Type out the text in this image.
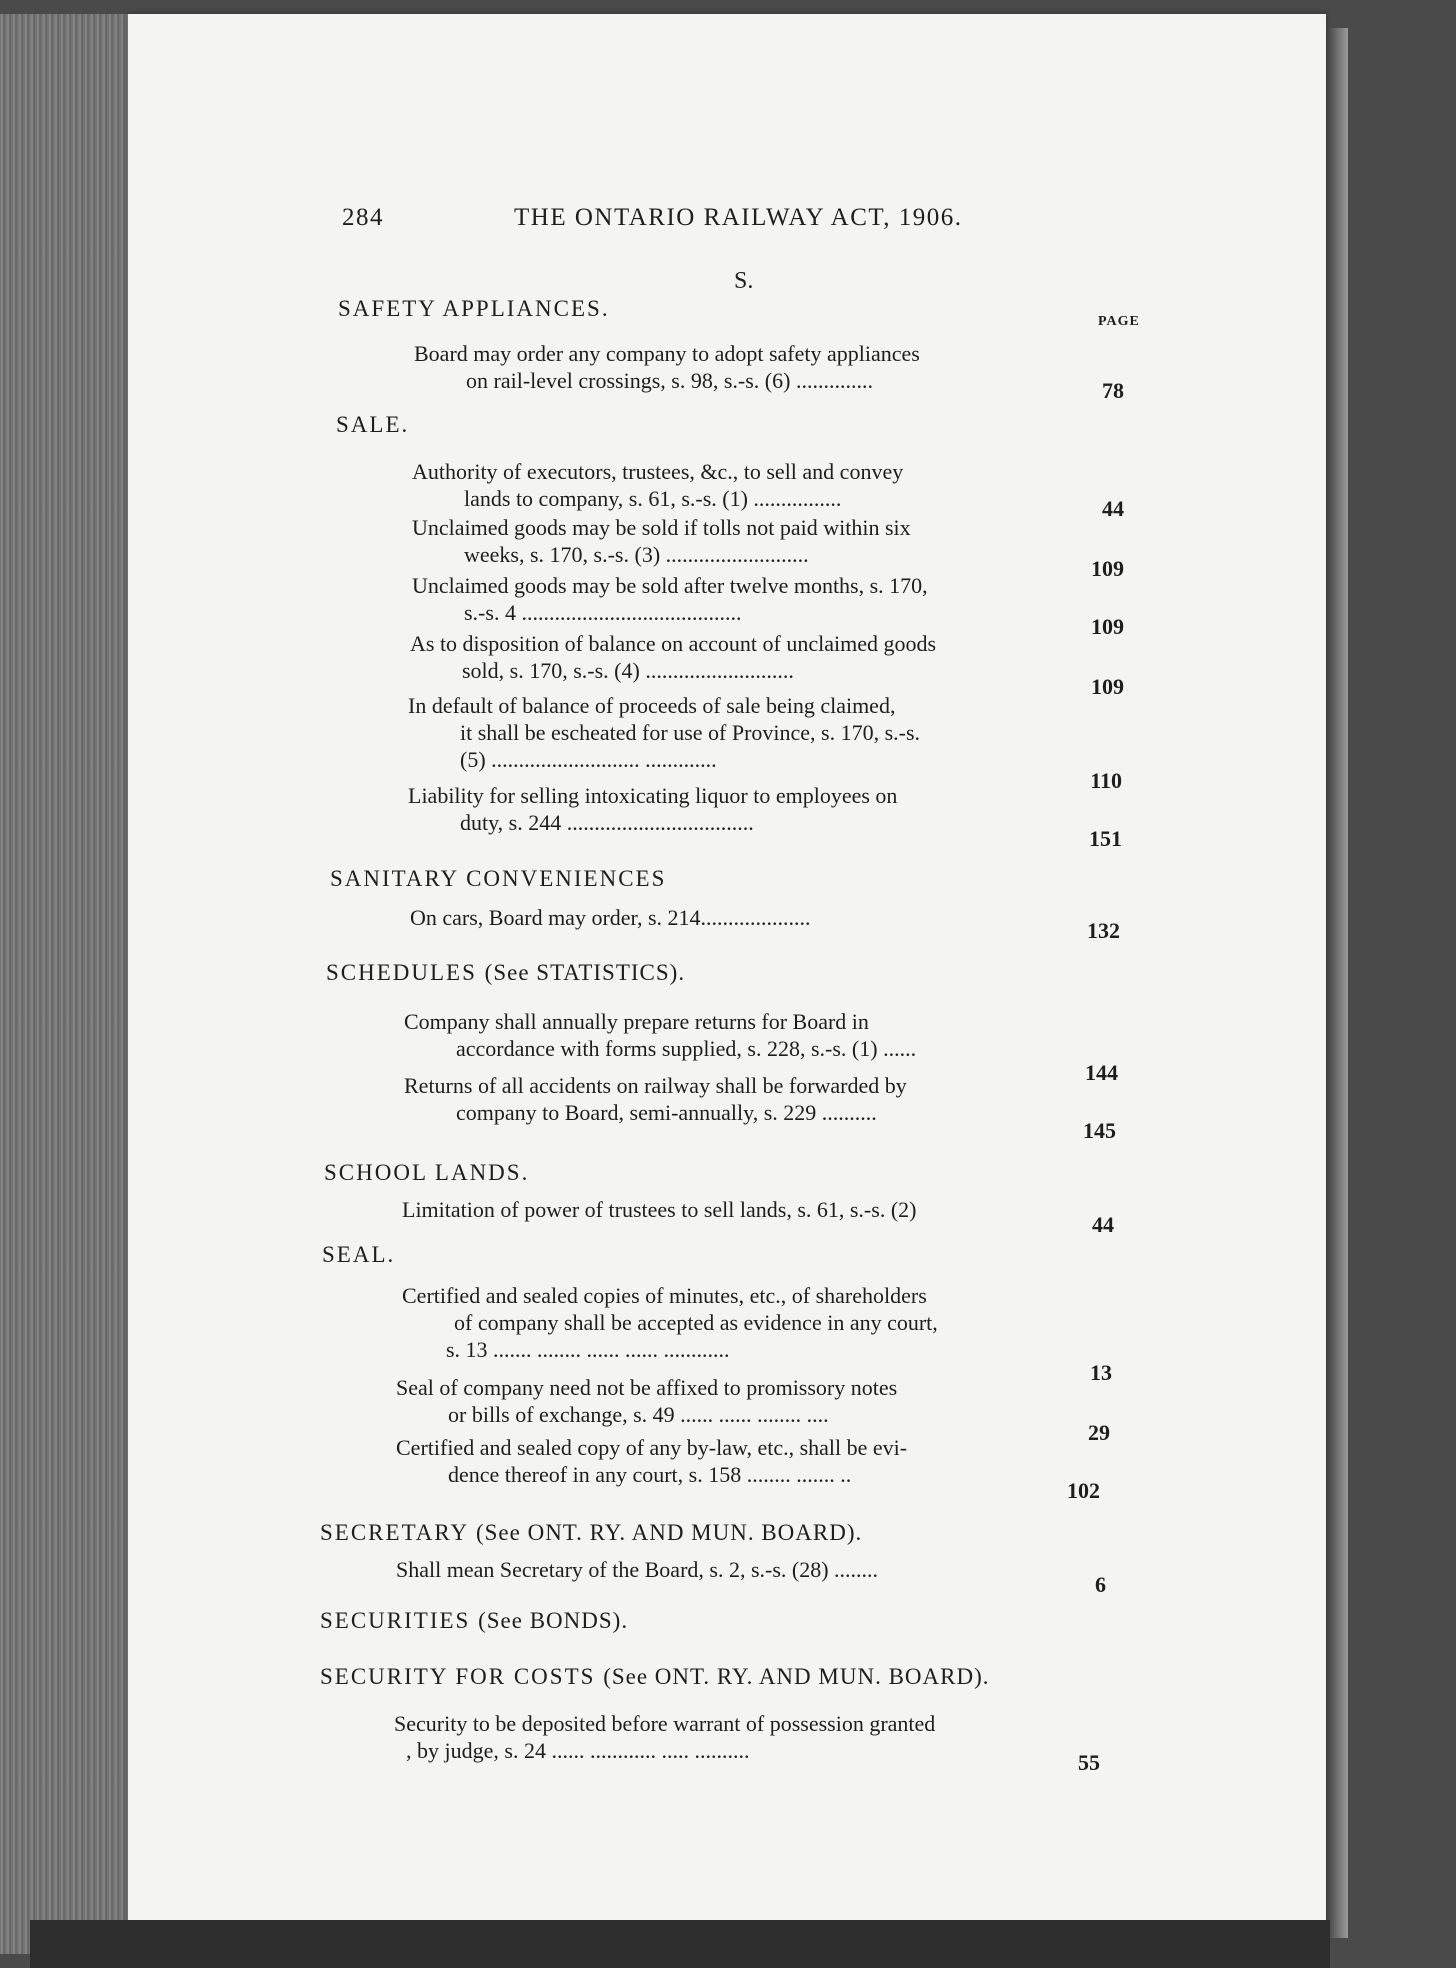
284	THE ONTARIO RAILWAY ACT, 1906.
S.
PAGE
SAFETY APPLIANCES.
Board may order any company to adopt safety appliances
on rail-level crossings, s. 98, s.-s. (6) ..............	78
SALE.
Authority of executors, trustees, &c., to sell and convey
lands to company, s. 61, s.-s. (1) ................	44
Unclaimed goods may be sold if tolls not paid within six
weeks, s. 170, s.-s. (3) ..........................
109
Unclaimed goods may be sold after twelve months, s. 170,
s.-s. 4 ........................................
109
As to disposition of balance on account of unclaimed goods
sold, s. 170, s.-s. (4) ...........................
109
In default of balance of proceeds of sale being claimed,
it shall be escheated for use of Province, s. 170, s.-s.
(5) ........................... .............
110
Liability for selling intoxicating liquor to employees on
duty, s. 244 ..................................
151
SANITARY CONVENIENCES
On cars, Board may order, s. 214....................
132
SCHEDULES (See STATISTICS).
Company shall annually prepare returns for Board in
accordance with forms supplied, s. 228, s.-s. (1) ......
144
Returns of all accidents on railway shall be forwarded by
company to Board, semi-annually, s. 229 ..........
145
SCHOOL LANDS.
Limitation of power of trustees to sell lands, s. 61, s.-s. (2)
44
SEAL.
Certified and sealed copies of minutes, etc., of shareholders
of company shall be accepted as evidence in any court,
s. 13 ....... ........ ...... ...... ............
13
Seal of company need not be affixed to promissory notes
or bills of exchange, s. 49 ...... ...... ........ ....
29
Certified and sealed copy of any by-law, etc., shall be evi-
dence thereof in any court, s. 158 ........ ....... ..
102
SECRETARY (See ONT. RY. AND MUN. BOARD).
Shall mean Secretary of the Board, s. 2, s.-s. (28) ........
6
SECURITIES (See BONDS).
SECURITY FOR COSTS (See ONT. RY. AND MUN. BOARD).
Security to be deposited before warrant of possession granted
, by judge, s. 24 ...... ............ ..... ..........	55
